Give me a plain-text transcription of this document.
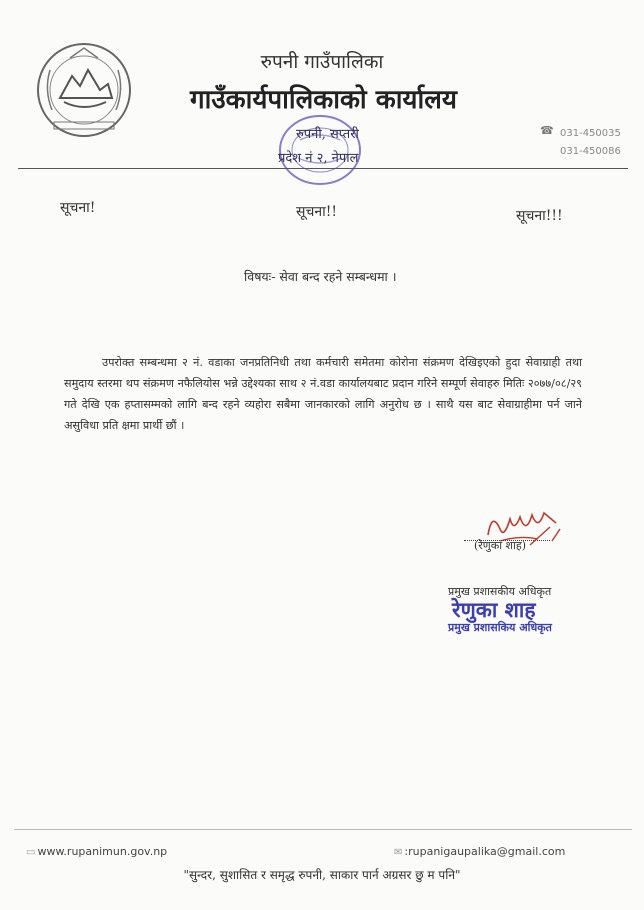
रुपनी गाउँपालिका
गाउँकार्यपालिकाको कार्यालय
रुपनी, सप्तरी
प्रदेश नं २, नेपाल
☎ 031-450035
031-450086
सूचना!	सूचना!!	सूचना!!!
विषयः- सेवा बन्द रहने सम्बन्धमा ।
उपरोक्त सम्बन्धमा २ नं. वडाका जनप्रतिनिधी तथा कर्मचारी समेतमा कोरोना संक्रमण देखिइएको हुदा सेवाग्राही तथा समुदाय स्तरमा थप संक्रमण नफैलियोस भन्ने उद्देश्यका साथ २ नं.वडा कार्यालयबाट प्रदान गरिने सम्पूर्ण सेवाहरु मितिः २०७७/०८/२९ गते देखि एक हप्तासम्मको लागि बन्द रहने व्यहोरा सबैमा जानकारको लागि अनुरोध छ । साथै यस बाट सेवाग्राहीमा पर्न जाने असुविधा प्रति क्षमा प्रार्थी छौं ।
(रेणुका शाह)
प्रमुख प्रशासकीय अधिकृत
रेणुका शाह
प्रमुख प्रशासकिय अधिकृत
▭ www.rupanimun.gov.np	✉ :rupanigaupalika@gmail.com
"सुन्दर, सुशासित र समृद्ध रुपनी, साकार पार्न अग्रसर छु म पनि"
